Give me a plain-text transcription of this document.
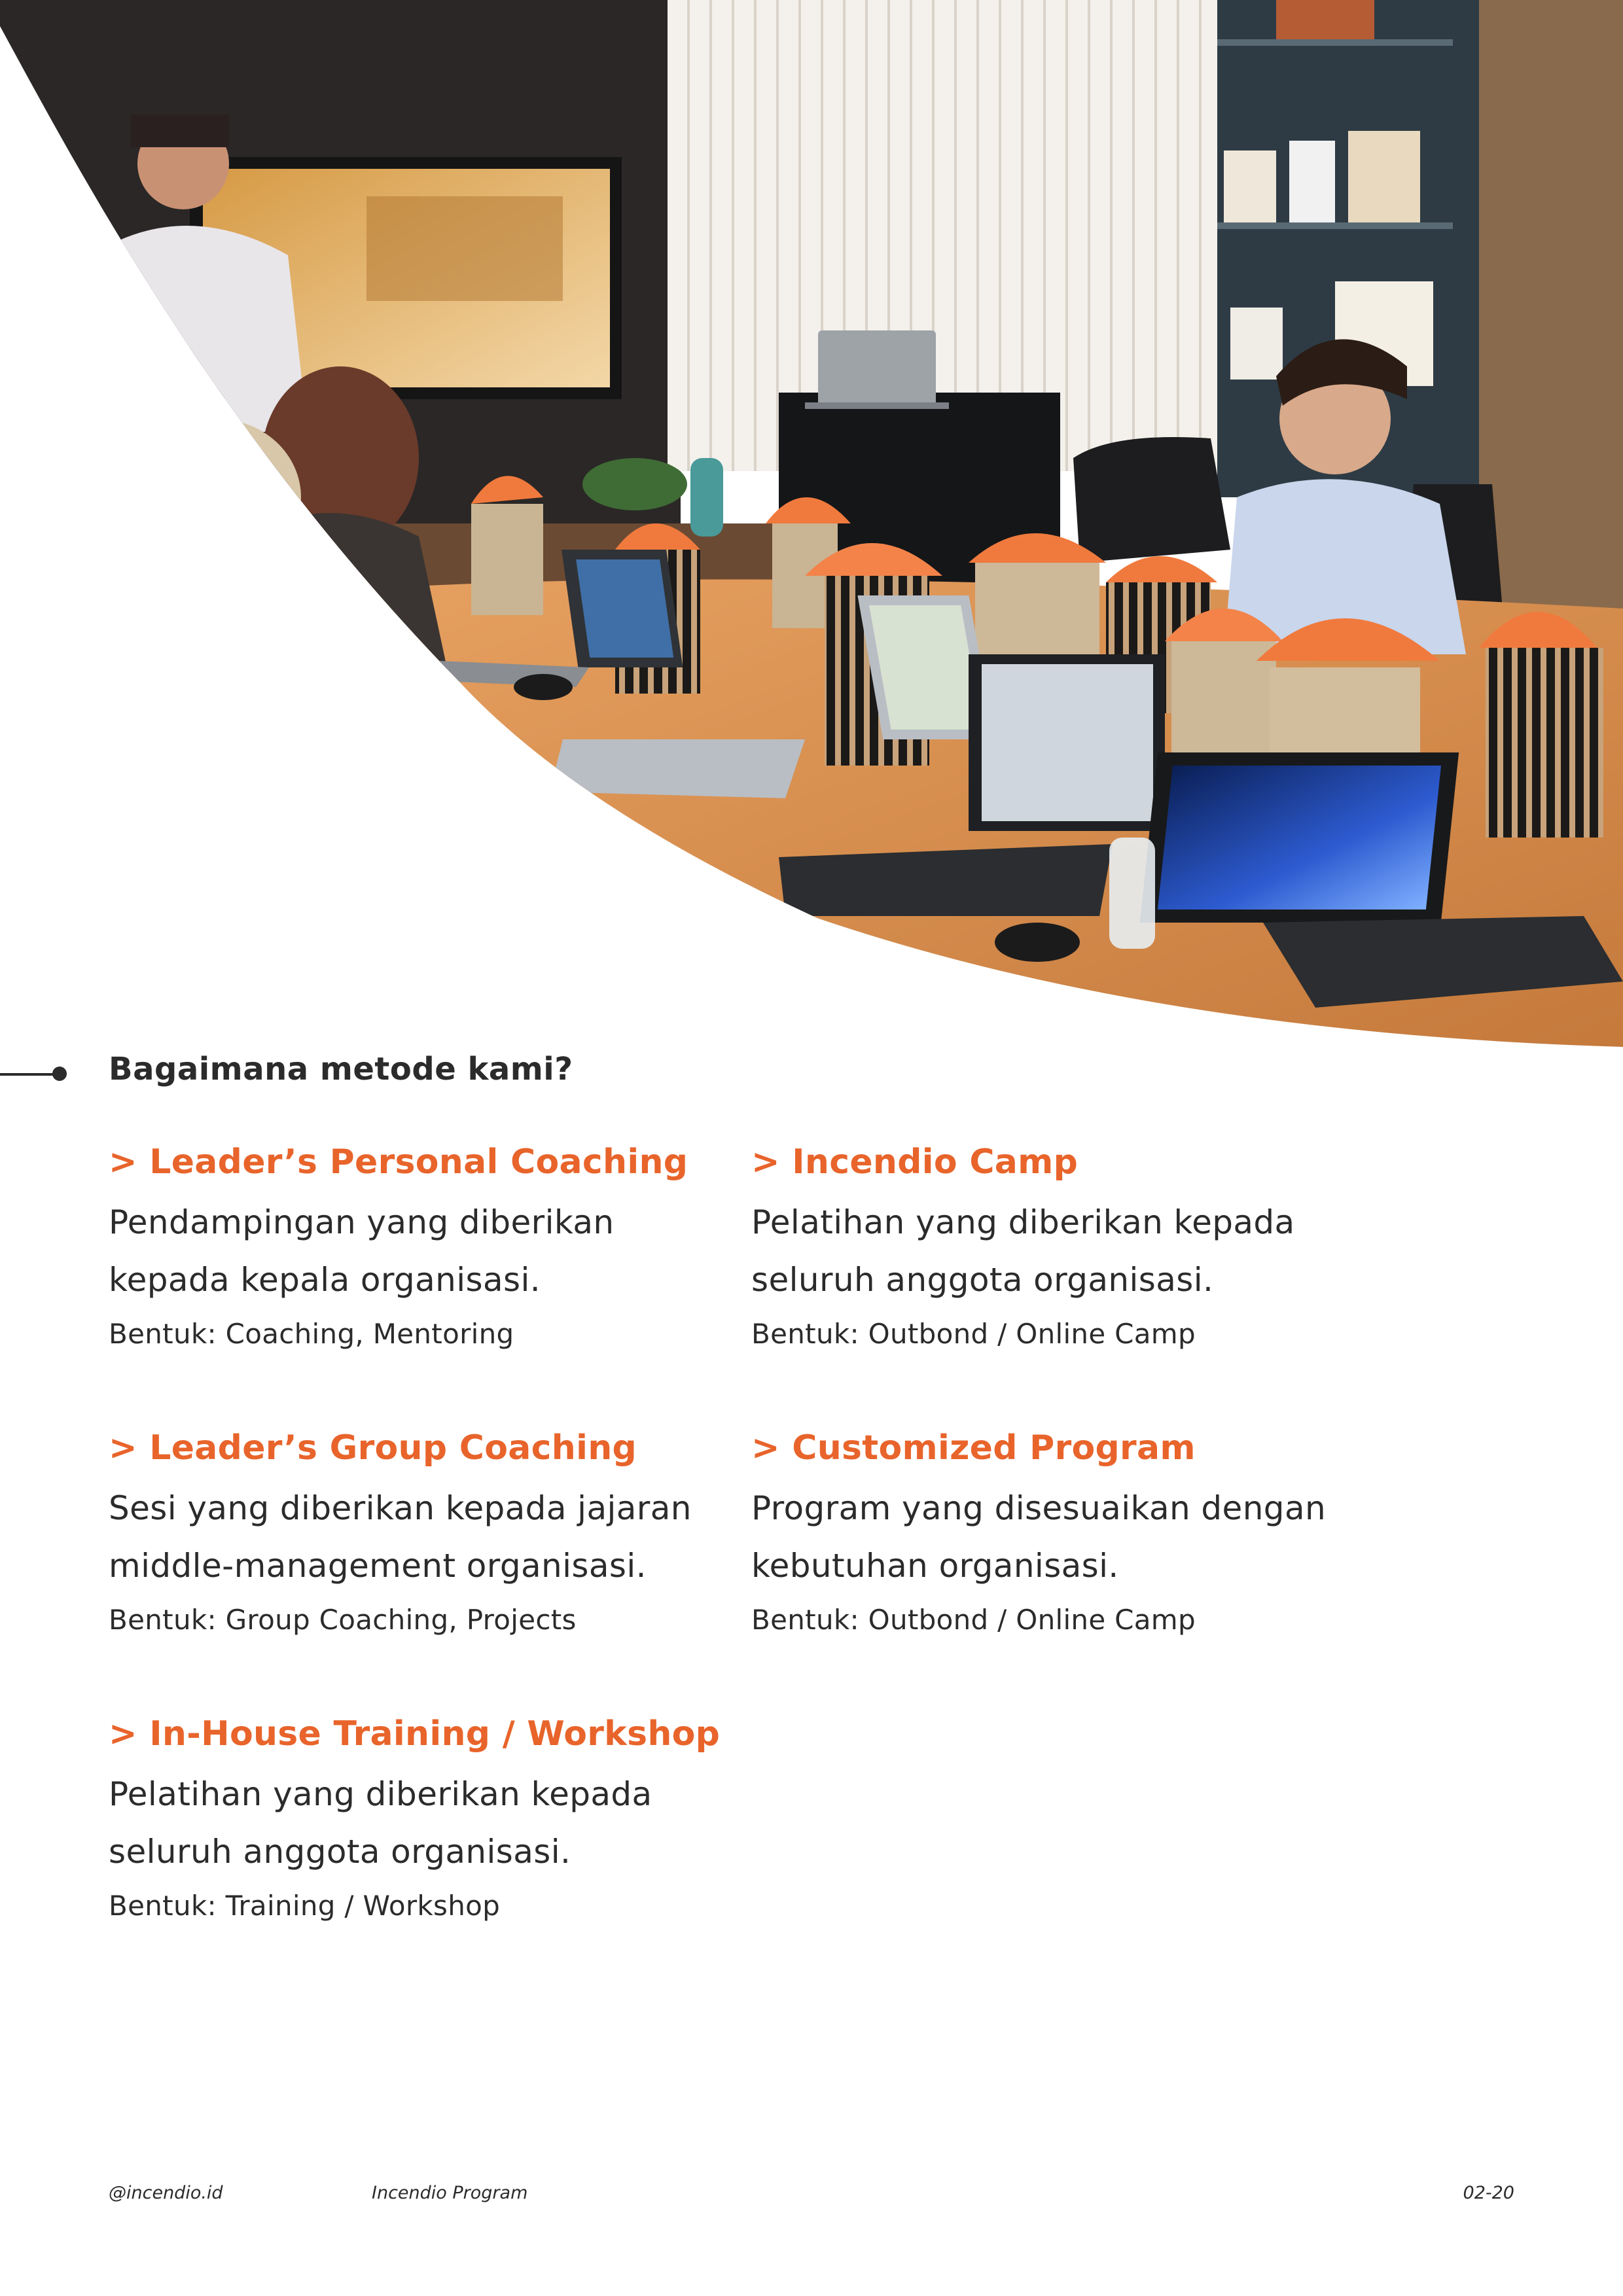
Bagaimana metode kami?
> Leader’s Personal Coaching

Pendampingan yang diberikan
kepada kepala organisasi.

Bentuk: Coaching, Mentoring

> Incendio Camp

Pelatihan yang diberikan kepada
seluruh anggota organisasi.

Bentuk: Outbond / Online Camp

> Leader’s Group Coaching

Sesi yang diberikan kepada jajaran
middle-management organisasi.

Bentuk: Group Coaching, Projects

> Customized Program

Program yang disesuaikan dengan
kebutuhan organisasi.

Bentuk: Outbond / Online Camp

> In-House Training / Workshop

Pelatihan yang diberikan kepada
seluruh anggota organisasi.

Bentuk: Training / Workshop

@incendio.id	Incendio Program	02-20
